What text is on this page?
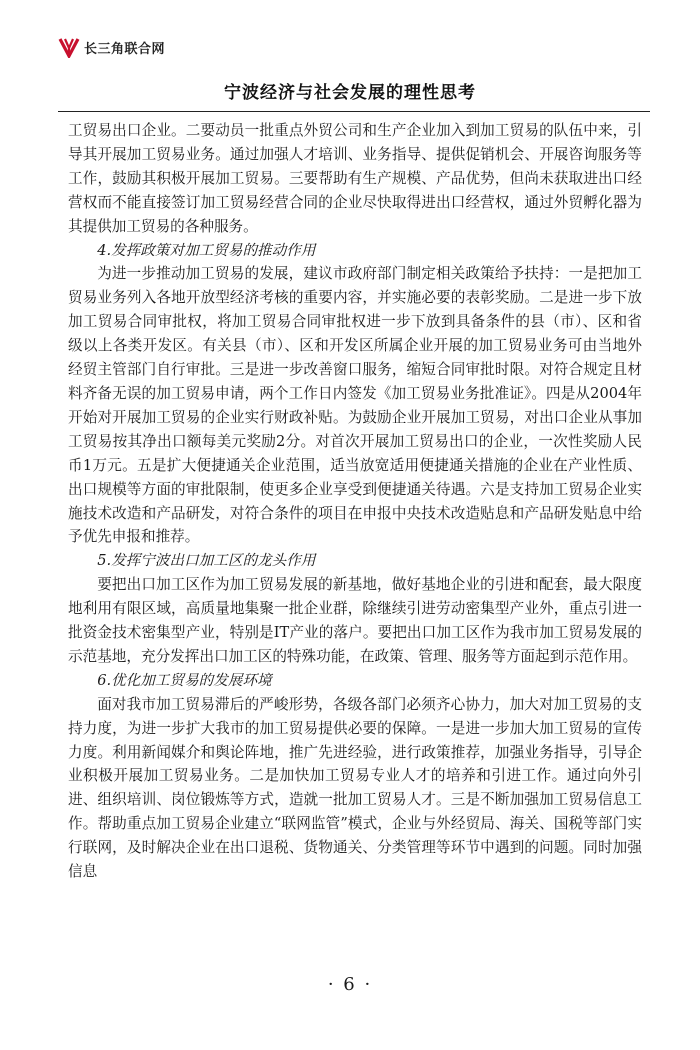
长三角联合网
宁波经济与社会发展的理性思考

工贸易出口企业。二要动员一批重点外贸公司和生产企业加入到加工贸易的队伍中来，引导其开展加工贸易业务。通过加强人才培训、业务指导、提供促销机会、开展咨询服务等工作，鼓励其积极开展加工贸易。三要帮助有生产规模、产品优势，但尚未获取进出口经营权而不能直接签订加工贸易经营合同的企业尽快取得进出口经营权，通过外贸孵化器为其提供加工贸易的各种服务。

4.发挥政策对加工贸易的推动作用

为进一步推动加工贸易的发展，建议市政府部门制定相关政策给予扶持：一是把加工贸易业务列入各地开放型经济考核的重要内容，并实施必要的表彰奖励。二是进一步下放加工贸易合同审批权，将加工贸易合同审批权进一步下放到具备条件的县（市）、区和省级以上各类开发区。有关县（市）、区和开发区所属企业开展的加工贸易业务可由当地外经贸主管部门自行审批。三是进一步改善窗口服务，缩短合同审批时限。对符合规定且材料齐备无误的加工贸易申请，两个工作日内签发《加工贸易业务批准证》。四是从2004年开始对开展加工贸易的企业实行财政补贴。为鼓励企业开展加工贸易，对出口企业从事加工贸易按其净出口额每美元奖励2分。对首次开展加工贸易出口的企业，一次性奖励人民币1万元。五是扩大便捷通关企业范围，适当放宽适用便捷通关措施的企业在产业性质、出口规模等方面的审批限制，使更多企业享受到便捷通关待遇。六是支持加工贸易企业实施技术改造和产品研发，对符合条件的项目在申报中央技术改造贴息和产品研发贴息中给予优先申报和推荐。

5.发挥宁波出口加工区的龙头作用

要把出口加工区作为加工贸易发展的新基地，做好基地企业的引进和配套，最大限度地利用有限区域，高质量地集聚一批企业群，除继续引进劳动密集型产业外，重点引进一批资金技术密集型产业，特别是IT产业的落户。要把出口加工区作为我市加工贸易发展的示范基地，充分发挥出口加工区的特殊功能，在政策、管理、服务等方面起到示范作用。

6.优化加工贸易的发展环境

面对我市加工贸易滞后的严峻形势，各级各部门必须齐心协力，加大对加工贸易的支持力度，为进一步扩大我市的加工贸易提供必要的保障。一是进一步加大加工贸易的宣传力度。利用新闻媒介和舆论阵地，推广先进经验，进行政策推荐，加强业务指导，引导企业积极开展加工贸易业务。二是加快加工贸易专业人才的培养和引进工作。通过向外引进、组织培训、岗位锻炼等方式，造就一批加工贸易人才。三是不断加强加工贸易信息工作。帮助重点加工贸易企业建立“联网监管”模式，企业与外经贸局、海关、国税等部门实行联网，及时解决企业在出口退税、货物通关、分类管理等环节中遇到的问题。同时加强信息

· 6 ·
